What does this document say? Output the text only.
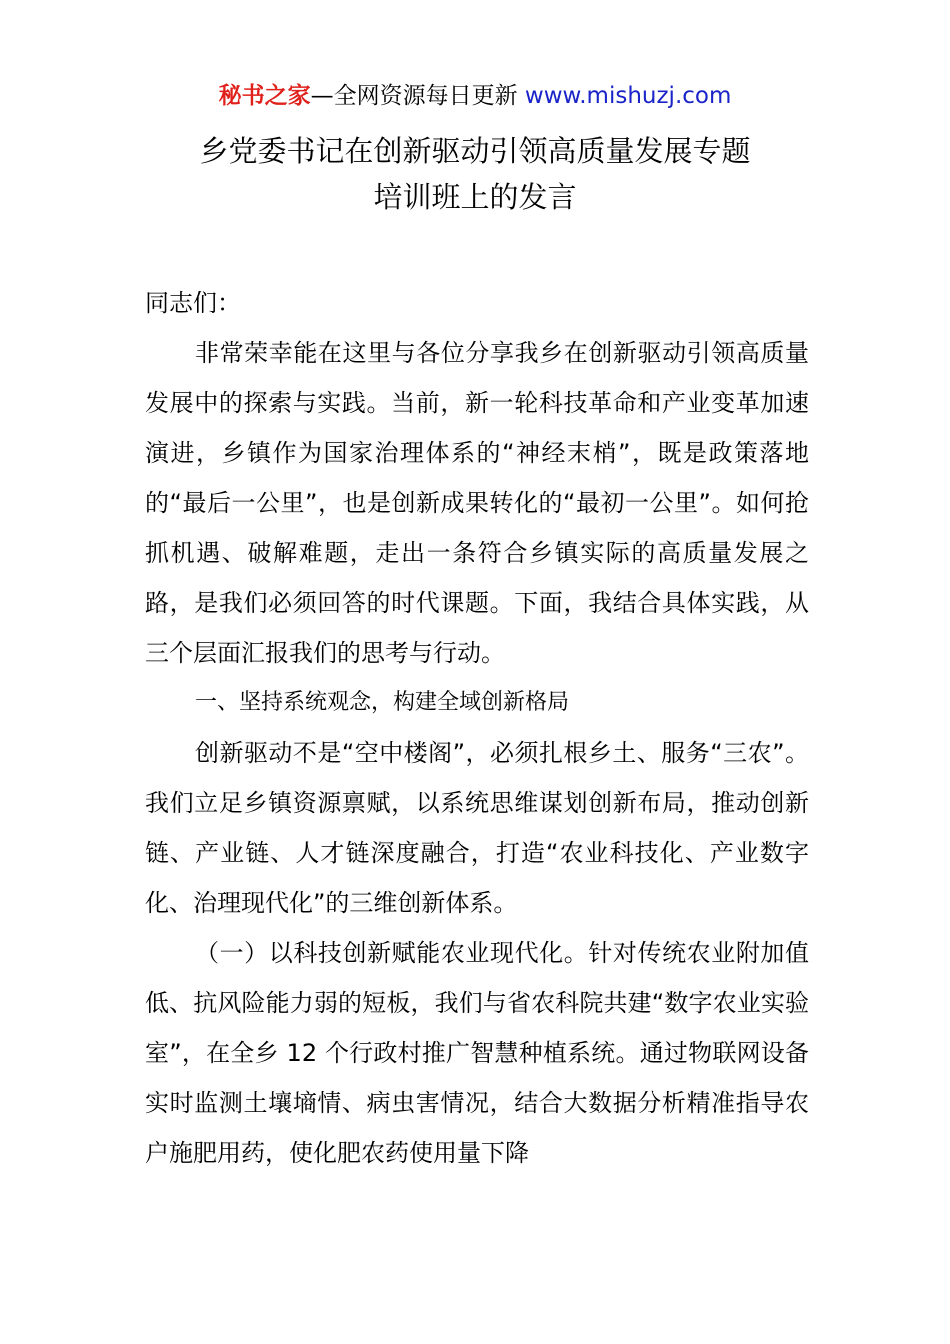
秘书之家—全网资源每日更新 www.mishuzj.com
乡党委书记在创新驱动引领高质量发展专题
培训班上的发言

同志们：

非常荣幸能在这里与各位分享我乡在创新驱动引领高质量发展中的探索与实践。当前，新一轮科技革命和产业变革加速演进，乡镇作为国家治理体系的“神经末梢”，既是政策落地的“最后一公里”，也是创新成果转化的“最初一公里”。如何抢抓机遇、破解难题，走出一条符合乡镇实际的高质量发展之路，是我们必须回答的时代课题。下面，我结合具体实践，从三个层面汇报我们的思考与行动。

一、坚持系统观念，构建全域创新格局

创新驱动不是“空中楼阁”，必须扎根乡土、服务“三农”。我们立足乡镇资源禀赋，以系统思维谋划创新布局，推动创新链、产业链、人才链深度融合，打造“农业科技化、产业数字化、治理现代化”的三维创新体系。

（一）以科技创新赋能农业现代化。针对传统农业附加值低、抗风险能力弱的短板，我们与省农科院共建“数字农业实验室”，在全乡 12 个行政村推广智慧种植系统。通过物联网设备实时监测土壤墒情、病虫害情况，结合大数据分析精准指导农户施肥用药，使化肥农药使用量下降
